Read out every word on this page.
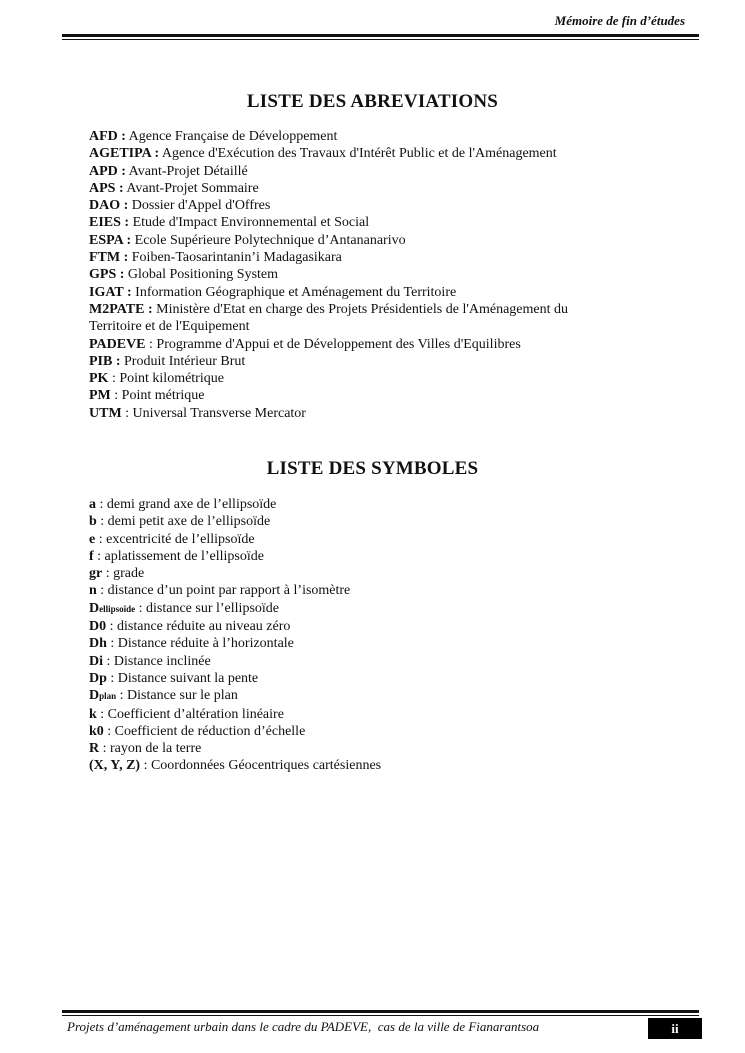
Mémoire de fin d’études
LISTE DES ABREVIATIONS
AFD : Agence Française de Développement
AGETIPA : Agence d'Exécution des Travaux d'Intérêt Public et de l'Aménagement
APD : Avant-Projet Détaillé
APS : Avant-Projet Sommaire
DAO : Dossier d'Appel d'Offres
EIES : Etude d'Impact Environnemental et Social
ESPA : Ecole Supérieure Polytechnique d’Antananarivo
FTM : Foiben-Taosarintanin’i Madagasikara
GPS : Global Positioning System
IGAT : Information Géographique et Aménagement du Territoire
M2PATE : Ministère d'Etat en charge des Projets Présidentiels de l'Aménagement du Territoire et de l'Equipement
PADEVE : Programme d'Appui et de Développement des Villes d'Equilibres
PIB : Produit Intérieur Brut
PK : Point kilométrique
PM : Point métrique
UTM : Universal Transverse Mercator
LISTE DES SYMBOLES
a : demi grand axe de l’ellipsoïde
b : demi petit axe de l’ellipsoïde
e : excentricité de l’ellipsoïde
f : aplatissement de l’ellipsoïde
gr : grade
n : distance d’un point par rapport à l’isomètre
Dellipsoïde : distance sur l’ellipsoïde
D0 : distance réduite au niveau zéro
Dh : Distance réduite à l’horizontale
Di : Distance inclinée
Dp : Distance suivant la pente
Dplan : Distance sur le plan
k : Coefficient d’altération linéaire
k0 : Coefficient de réduction d’échelle
R : rayon de la terre
(X, Y, Z) : Coordonnées Géocentriques cartésiennes
Projets d’aménagement urbain dans le cadre du PADEVE,  cas de la ville de Fianarantsoa	ii
